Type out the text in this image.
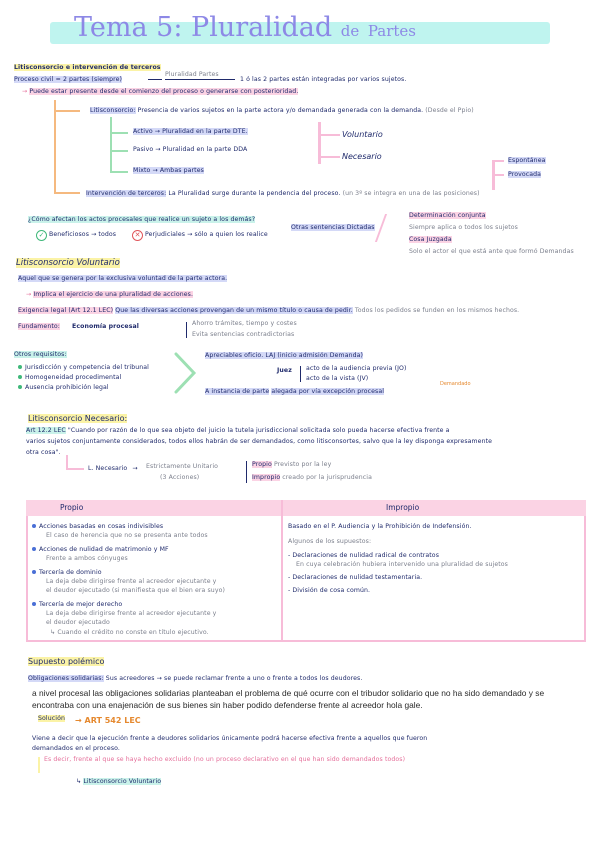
Tema 5: Pluralidad de Partes
Litisconsorcio e intervención de terceros
Proceso civil = 2 partes (siempre)
Pluralidad Partes
1 ó las 2 partes están integradas por varios sujetos.
→ Puede estar presente desde el comienzo del proceso o generarse con posterioridad.
Litisconsorcio: Presencia de varios sujetos en la parte actora y/o demandada generada con la demanda. (Desde el Ppio)
Activo → Pluralidad en la parte DTE.
Pasivo → Pluralidad en la parte DDA
Mixto → Ambas partes
Voluntario
Necesario	Espontánea
Provocada
Intervención de terceros: La Pluralidad surge durante la pendencia del proceso. (un 3º se integra en una de las posiciones)
¿Cómo afectan los actos procesales que realice un sujeto a los demás?
✓ Beneficiosos → todos	✕ Perjudiciales → sólo a quien los realice
Otras sentencias Dictadas
Determinación conjunta
Siempre aplica o todos los sujetos
Cosa Juzgada
Solo el actor el que está ante que formó Demandas
Litisconsorcio Voluntario
Aquel que se genera por la exclusiva voluntad de la parte actora.
→ Implica el ejercicio de una pluralidad de acciones.
Exigencia legal (Art 12.1 LEC) Que las diversas acciones provengan de un mismo título o causa de pedir. Todos los pedidos se funden en los mismos hechos.
Fundamento: Economía procesal	Ahorro trámites, tiempo y costes
Evita sentencias contradictorias
Otros requisitos:
Jurisdicción y competencia del tribunal
Homogeneidad procedimental
Ausencia prohibición legal
Apreciables oficio. LAJ (inicio admisión Demanda)
Juez acto de la audiencia previa (JO)
acto de la vista (JV)
A instancia de parte alegada por vía excepción procesal
Demandado
Litisconsorcio Necesario:
Art 12.2 LEC "Cuando por razón de lo que sea objeto del juicio la tutela jurisdiccional solicitada solo pueda hacerse efectiva frente a
varios sujetos conjuntamente considerados, todos ellos habrán de ser demandados, como litisconsortes, salvo que la ley disponga expresamente
otra cosa".
L. Necesario → Estrictamente Unitario
(3 Acciones)
Propio Previsto por la ley
Impropio creado por la jurisprudencia
Propio	Impropio
Acciones basadas en cosas indivisibles
El caso de herencia que no se presenta ante todos
Acciones de nulidad de matrimonio y MF
Frente a ambos cónyuges
Tercería de dominio
La deja debe dirigirse frente al acreedor ejecutante y
el deudor ejecutado (si manifiesta que el bien era suyo)
Tercería de mejor derecho
La deja debe dirigirse frente al acreedor ejecutante y
el deudor ejecutado
↳ Cuando el crédito no conste en título ejecutivo.
Basado en el P. Audiencia y la Prohibición de Indefensión.
Algunos de los supuestos:
- Declaraciones de nulidad radical de contratos
En cuya celebración hubiera intervenido una pluralidad de sujetos
- Declaraciones de nulidad testamentaria.
- División de cosa común.
Supuesto polémico
Obligaciones solidarias: Sus acreedores → se puede reclamar frente a uno o frente a todos los deudores.
a nivel procesal las obligaciones solidarias planteaban el problema de qué ocurre con el tribudor solidario que no ha sido demandado y se
encontraba con una enajenación de sus bienes sin haber podido defenderse frente al acreedor hola gale.
Solución → ART 542 LEC
Viene a decir que la ejecución frente a deudores solidarios únicamente podrá hacerse efectiva frente a aquellos que fueron
demandados en el proceso.
Es decir, frente al que se haya hecho excluido (no un proceso declarativo en el que han sido demandados todos)
↳ Litisconsorcio Voluntario
